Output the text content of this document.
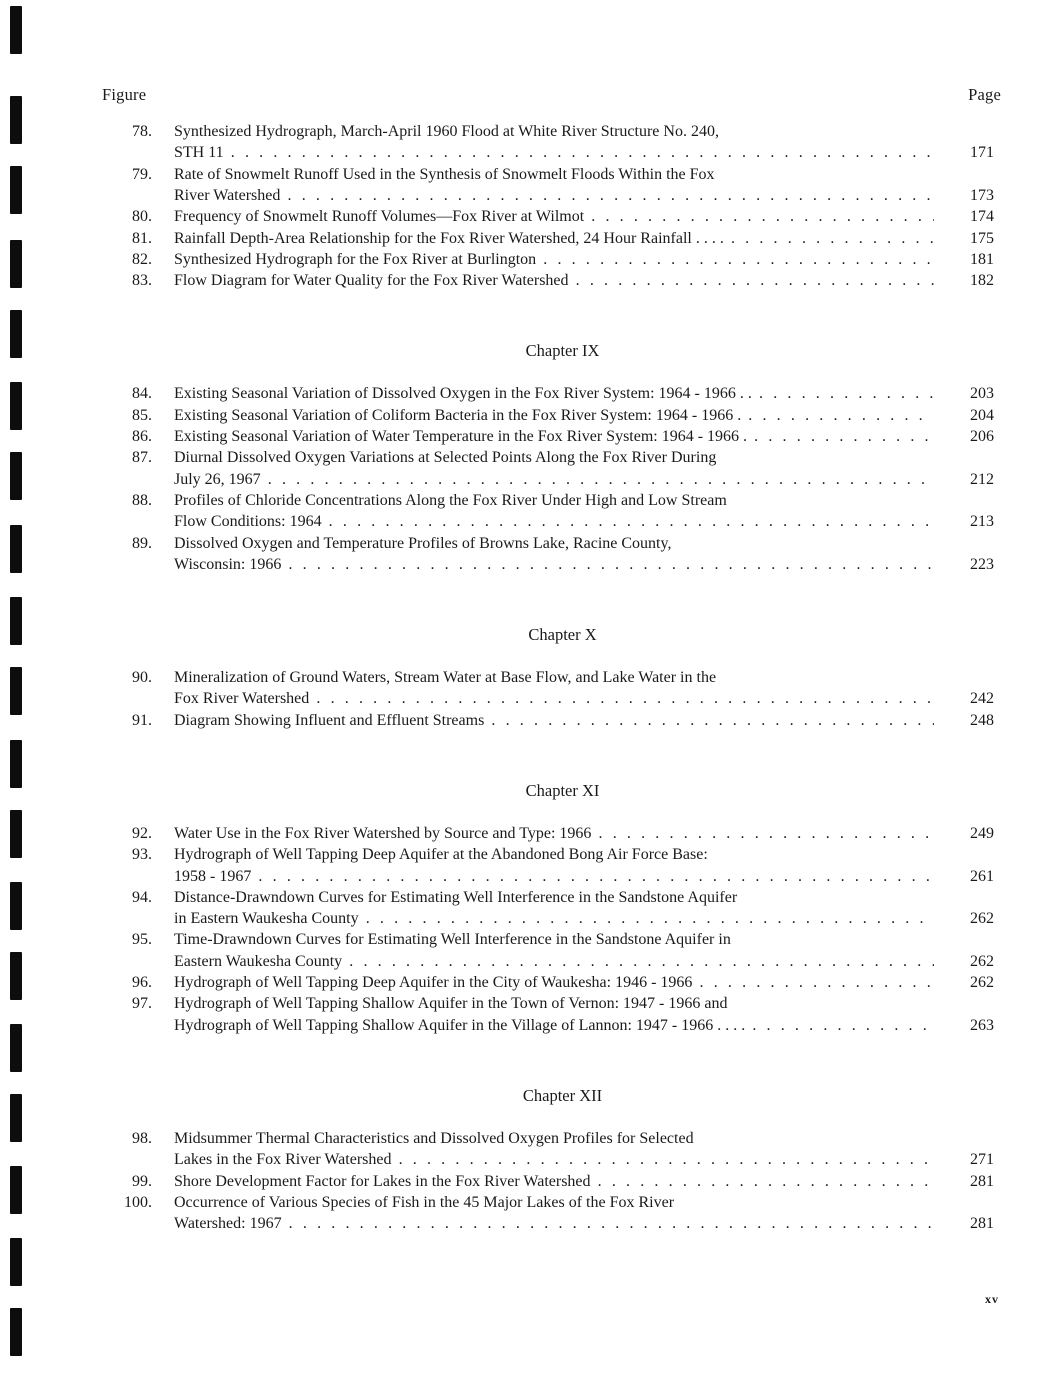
Figure	Page
78. Synthesized Hydrograph, March-April 1960 Flood at White River Structure No. 240,
STH 11 . . .	171
79. Rate of Snowmelt Runoff Used in the Synthesis of Snowmelt Floods Within the Fox
River Watershed . . .	173
80. Frequency of Snowmelt Runoff Volumes—Fox River at Wilmot . . .	174
81. Rainfall Depth-Area Relationship for the Fox River Watershed, 24 Hour Rainfall . . . . . . .	175
82. Synthesized Hydrograph for the Fox River at Burlington . . .	181
83. Flow Diagram for Water Quality for the Fox River Watershed . . .	182
Chapter IX
84. Existing Seasonal Variation of Dissolved Oxygen in the Fox River System: 1964 - 1966 . . . . .	203
85. Existing Seasonal Variation of Coliform Bacteria in the Fox River System: 1964 - 1966 . . . .	204
86. Existing Seasonal Variation of Water Temperature in the Fox River System: 1964 - 1966 . . . .	206
87. Diurnal Dissolved Oxygen Variations at Selected Points Along the Fox River During
July 26, 1967 . . .	212
88. Profiles of Chloride Concentrations Along the Fox River Under High and Low Stream
Flow Conditions: 1964 . . .	213
89. Dissolved Oxygen and Temperature Profiles of Browns Lake, Racine County,
Wisconsin: 1966 . . .	223
Chapter X
90. Mineralization of Ground Waters, Stream Water at Base Flow, and Lake Water in the
Fox River Watershed . . .	242
91. Diagram Showing Influent and Effluent Streams . . .	248
Chapter XI
92. Water Use in the Fox River Watershed by Source and Type: 1966 . . .	249
93. Hydrograph of Well Tapping Deep Aquifer at the Abandoned Bong Air Force Base:
1958 - 1967 . . .	261
94. Distance-Drawndown Curves for Estimating Well Interference in the Sandstone Aquifer
in Eastern Waukesha County . . .	262
95. Time-Drawndown Curves for Estimating Well Interference in the Sandstone Aquifer in
Eastern Waukesha County . . .	262
96. Hydrograph of Well Tapping Deep Aquifer in the City of Waukesha: 1946 - 1966 . . .	262
97. Hydrograph of Well Tapping Shallow Aquifer in the Town of Vernon: 1947 - 1966 and
Hydrograph of Well Tapping Shallow Aquifer in the Village of Lannon: 1947 - 1966 . . . . . . .	263
Chapter XII
98. Midsummer Thermal Characteristics and Dissolved Oxygen Profiles for Selected
Lakes in the Fox River Watershed . . .	271
99. Shore Development Factor for Lakes in the Fox River Watershed . . .	281
100. Occurrence of Various Species of Fish in the 45 Major Lakes of the Fox River
Watershed: 1967 . . .	281
xv
